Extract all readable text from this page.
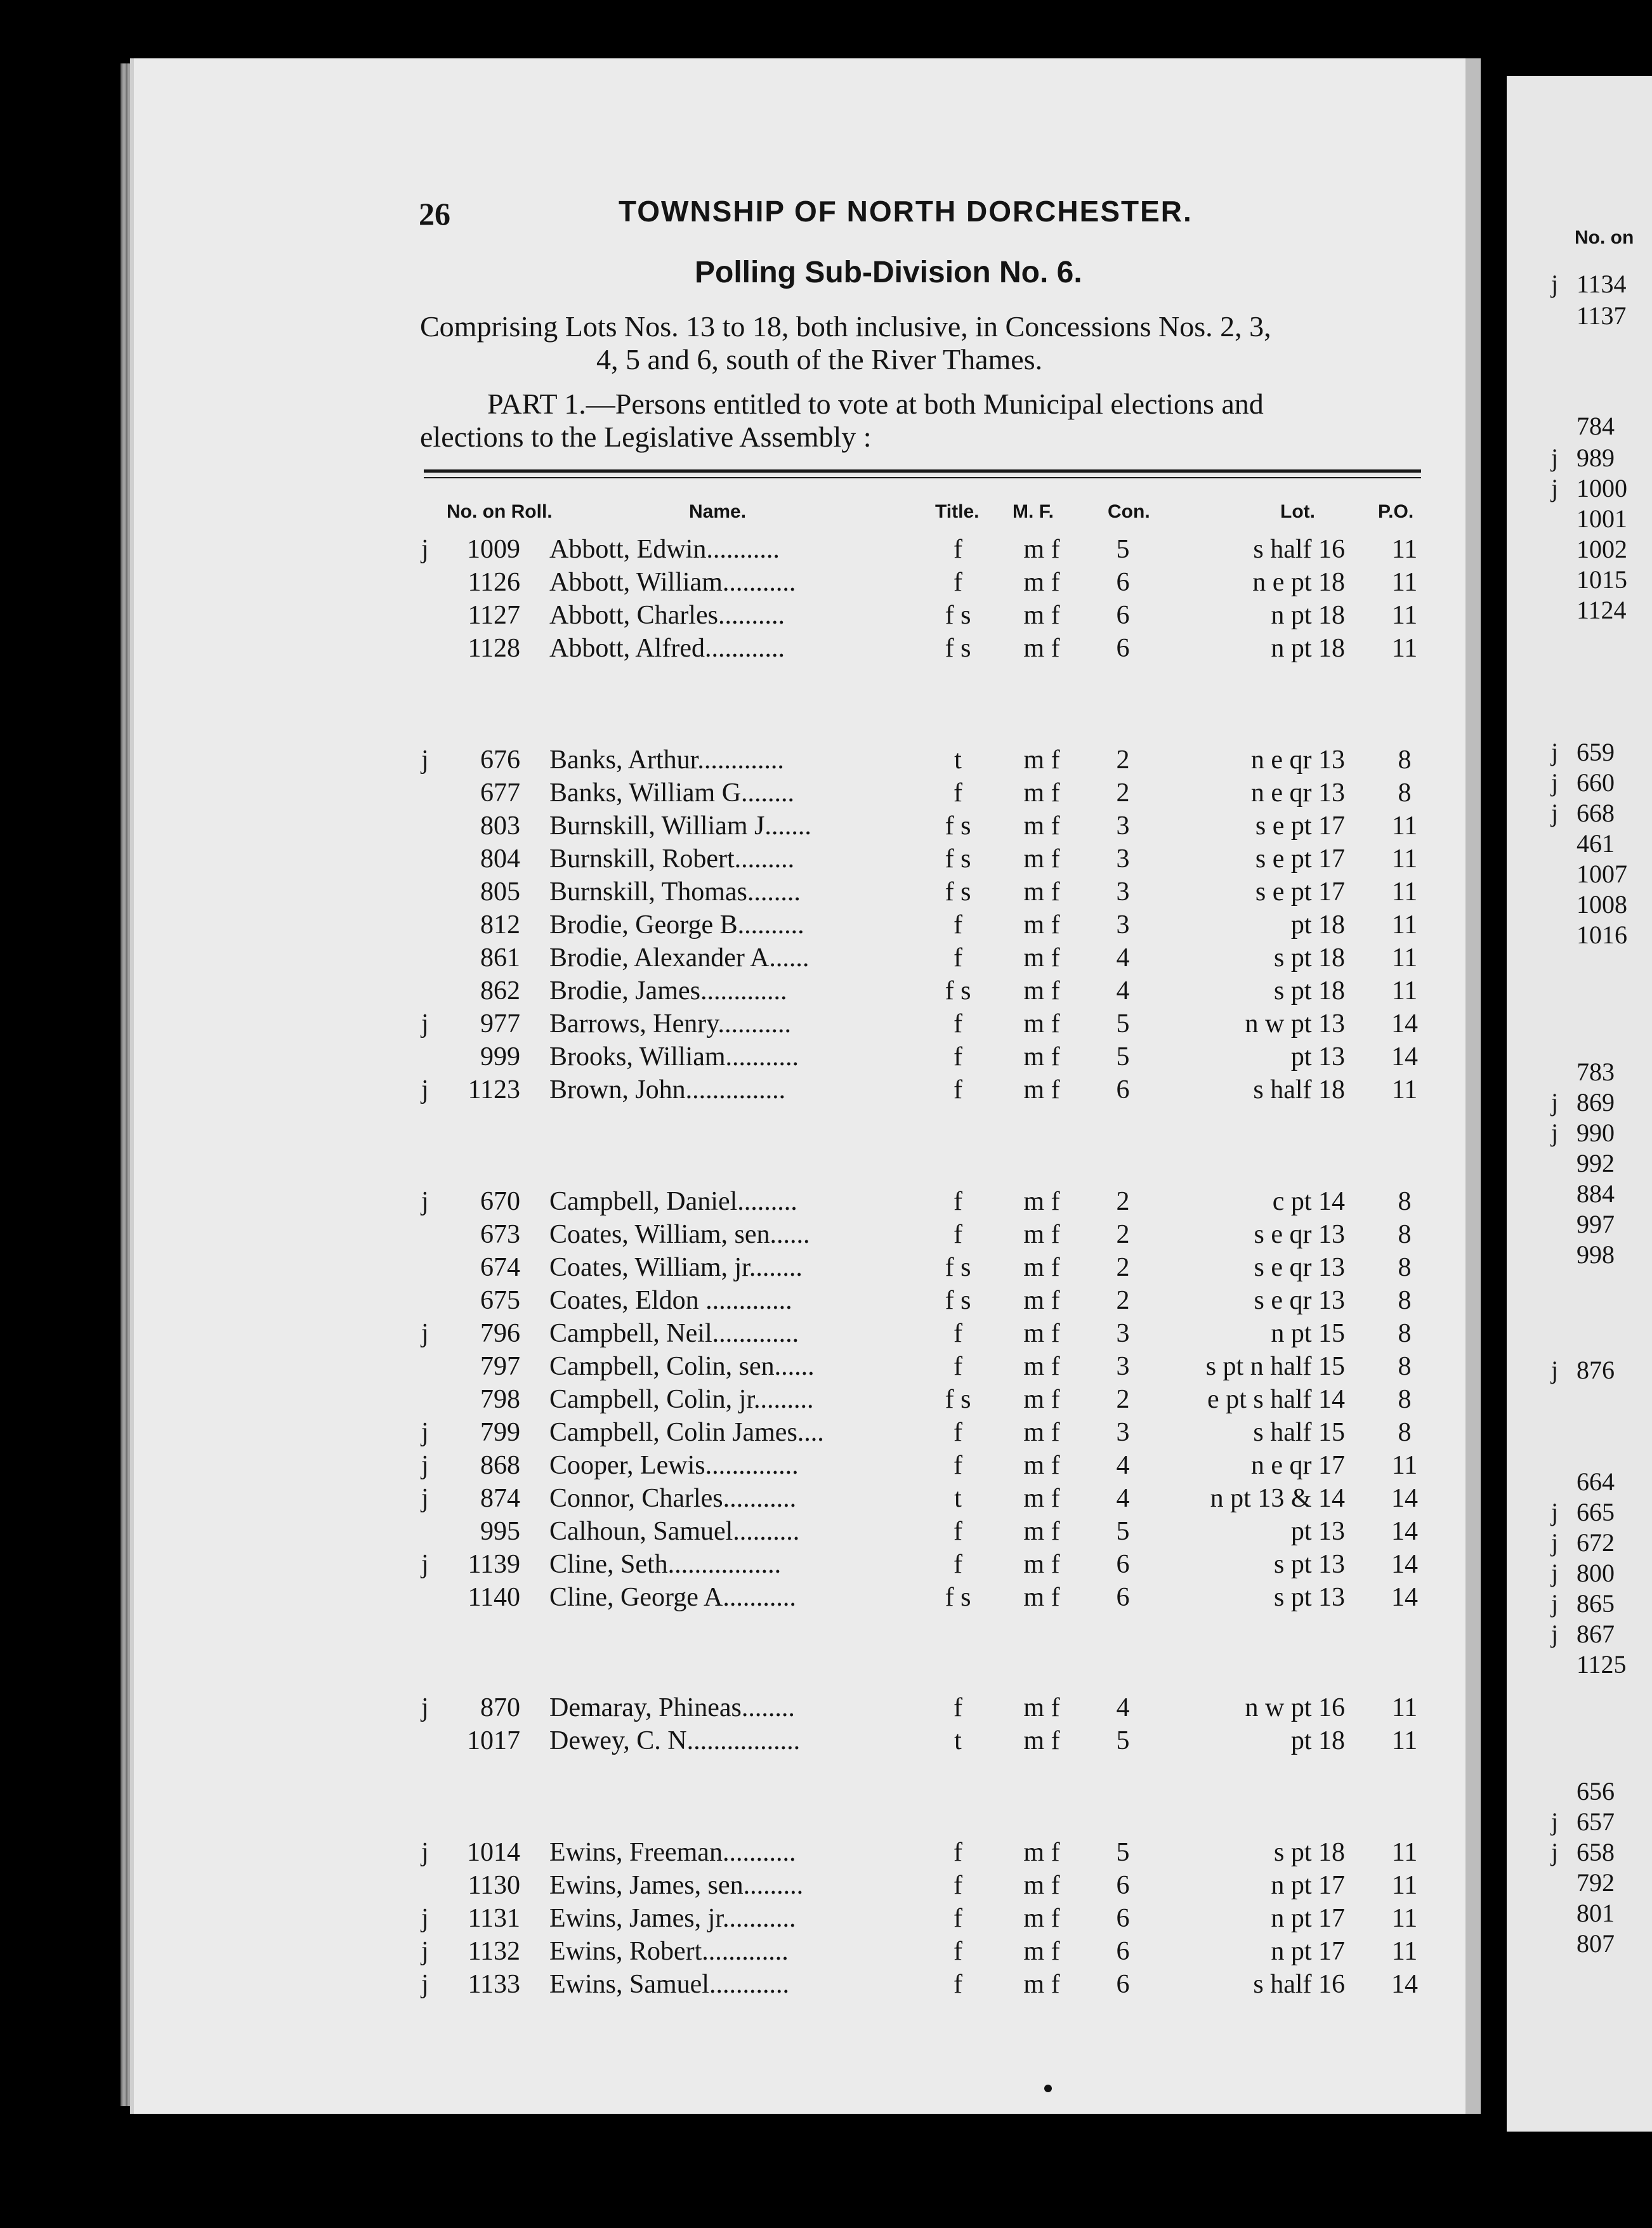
26	TOWNSHIP OF NORTH DORCHESTER.
Polling Sub-Division No. 6.
Comprising Lots Nos. 13 to 18, both inclusive, in Concessions Nos. 2, 3,
4, 5 and 6, south of the River Thames.
PART 1.—Persons entitled to vote at both Municipal elections and
elections to the Legislative Assembly :
No. on Roll.	Name.	Title. M. F.	Con.	Lot.	P.O.
j 1009 Abbott, Edwin...........	f	m f	5	s half 16	11
1126 Abbott, William...........	f	m f	6	n e pt 18	11
1127 Abbott, Charles..........	f s	m f	6	n pt 18	11
1128 Abbott, Alfred............	f s	m f	6	n pt 18	11
j 676 Banks, Arthur.............	t	m f	2	n e qr 13	8
677 Banks, William G........	f	m f	2	n e qr 13	8
803 Burnskill, William J.......	f s	m f	3	s e pt 17	11
804 Burnskill, Robert.........	f s	m f	3	s e pt 17	11
805 Burnskill, Thomas........	f s	m f	3	s e pt 17	11
812 Brodie, George B..........	f	m f	3	pt 18	11
861 Brodie, Alexander A......	f	m f	4	s pt 18	11
862 Brodie, James.............	f s	m f	4	s pt 18	11
j 977 Barrows, Henry...........	f	m f	5	n w pt 13	14
999 Brooks, William...........	f	m f	5	pt 13	14
j 1123 Brown, John...............	f	m f	6	s half 18	11
j 670 Campbell, Daniel.........	f	m f	2	c pt 14	8
673 Coates, William, sen......	f	m f	2	s e qr 13	8
674 Coates, William, jr........	f s	m f	2	s e qr 13	8
675 Coates, Eldon .............	f s	m f	2	s e qr 13	8
j 796 Campbell, Neil.............	f	m f	3	n pt 15	8
797 Campbell, Colin, sen......	f	m f	3	s pt n half 15	8
798 Campbell, Colin, jr.........	f s	m f	2	e pt s half 14	8
j 799 Campbell, Colin James....	f	m f	3	s half 15	8
j 868 Cooper, Lewis..............	f	m f	4	n e qr 17	11
j 874 Connor, Charles...........	t	m f	4	n pt 13 & 14	14
995 Calhoun, Samuel..........	f	m f	5	pt 13	14
j 1139 Cline, Seth.................	f	m f	6	s pt 13	14
1140 Cline, George A...........	f s	m f	6	s pt 13	14
j 870 Demaray, Phineas........	f	m f	4	n w pt 16	11
1017 Dewey, C. N.................	t	m f	5	pt 18	11
j 1014 Ewins, Freeman...........	f	m f	5	s pt 18	11
1130 Ewins, James, sen.........	f	m f	6	n pt 17	11
j 1131 Ewins, James, jr...........	f	m f	6	n pt 17	11
j 1132 Ewins, Robert.............	f	m f	6	n pt 17	11
j 1133 Ewins, Samuel............	f	m f	6	s half 16	14
No. on
j 1134
1137
784
j 989
j 1000
1001
1002
1015
1124
j 659
j 660
j 668
461
1007
1008
1016
783
j 869
j 990
992
884
997
998
j 876
664
j 665
j 672
j 800
j 865
j 867
1125
656
j 657
j 658
792
801
807
